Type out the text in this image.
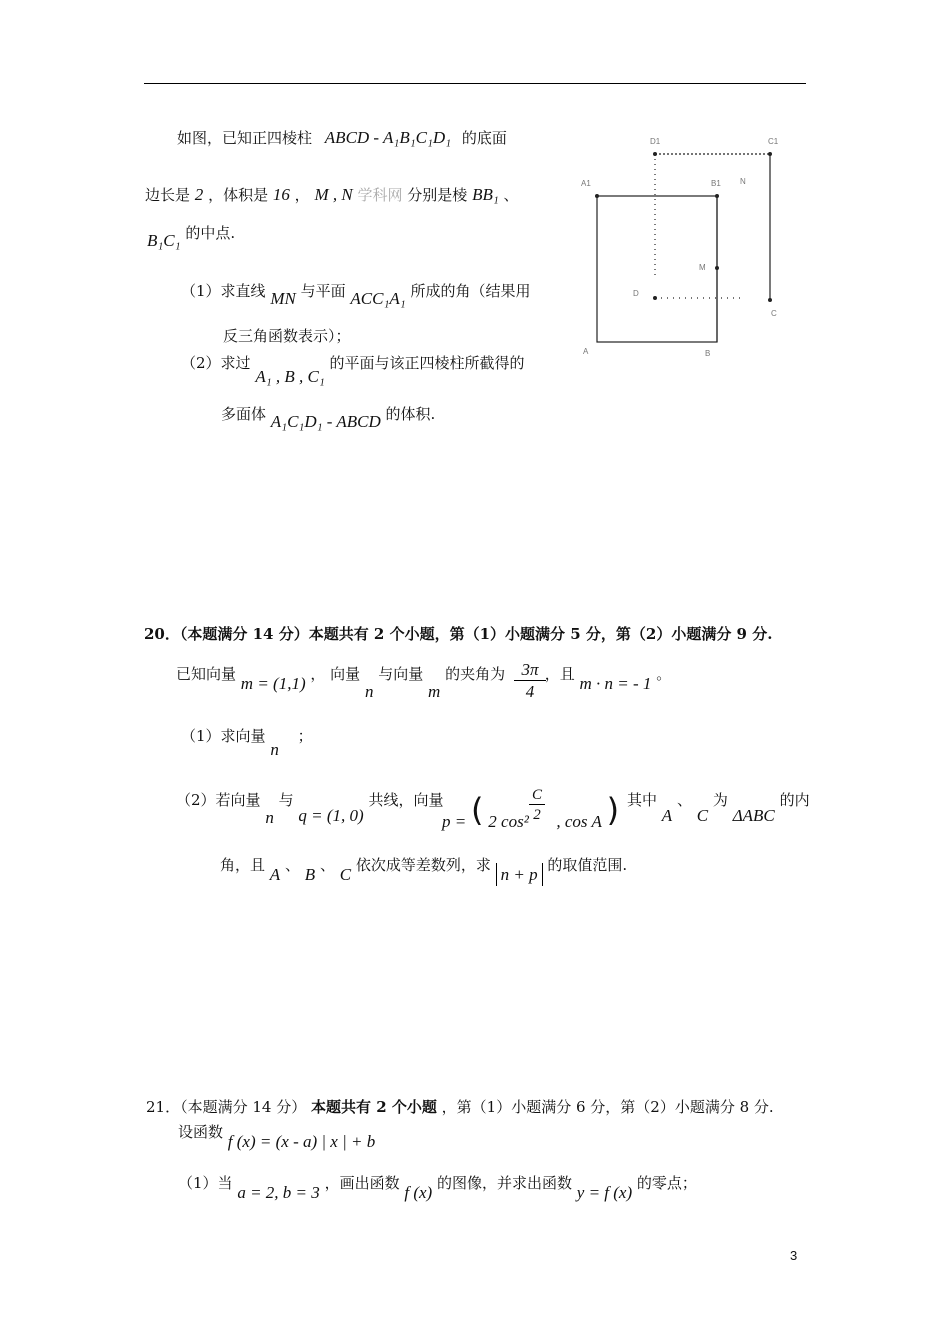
如图，已知正四棱柱 ABCD - A₁B₁C₁D₁ 的底面
边长是 2 ，体积是 16 ， M , N 学科网 分别是棱 BB₁ 、
B₁C₁ 的中点.
（1）求直线 MN 与平面 ACC₁A₁ 所成的角（结果用
反三角函数表示）；
（2）求过 A₁ , B , C₁ 的平面与该正四棱柱所截得的
多面体 A₁C₁D₁ - ABCD 的体积.
D1	C1
A1	B1 N
M
D
C
A	B
20．（本题满分 14 分）本题共有 2 个小题，第（1）小题满分 5 分，第（2）小题满分 9 分.
已知向量 m = (1,1) ， 向量 n 与向量 m 的夹角为	，且 m · n = - 1 。
$\frac{3\pi}{4}$
（1）求向量 n ；
（2）若向量 n 与 q = (1, 0) 共线，向量
p = ( 2 cos² , cos A )
$\frac{C}{2}$	，其中 A 、 C 为 ΔABC 的内
角，且 A 、 B 、 C 依次成等差数列，求 n + p 的取值范围.
21．（本题满分 14 分） 本题共有 2 个小题 ，第（1）小题满分 6 分，第（2）小题满分 8 分.
设函数 f (x) = (x - a) | x | + b
（1）当 a = 2, b = 3 ，画出函数 f (x) 的图像，并求出函数 y = f (x) 的零点；
3
